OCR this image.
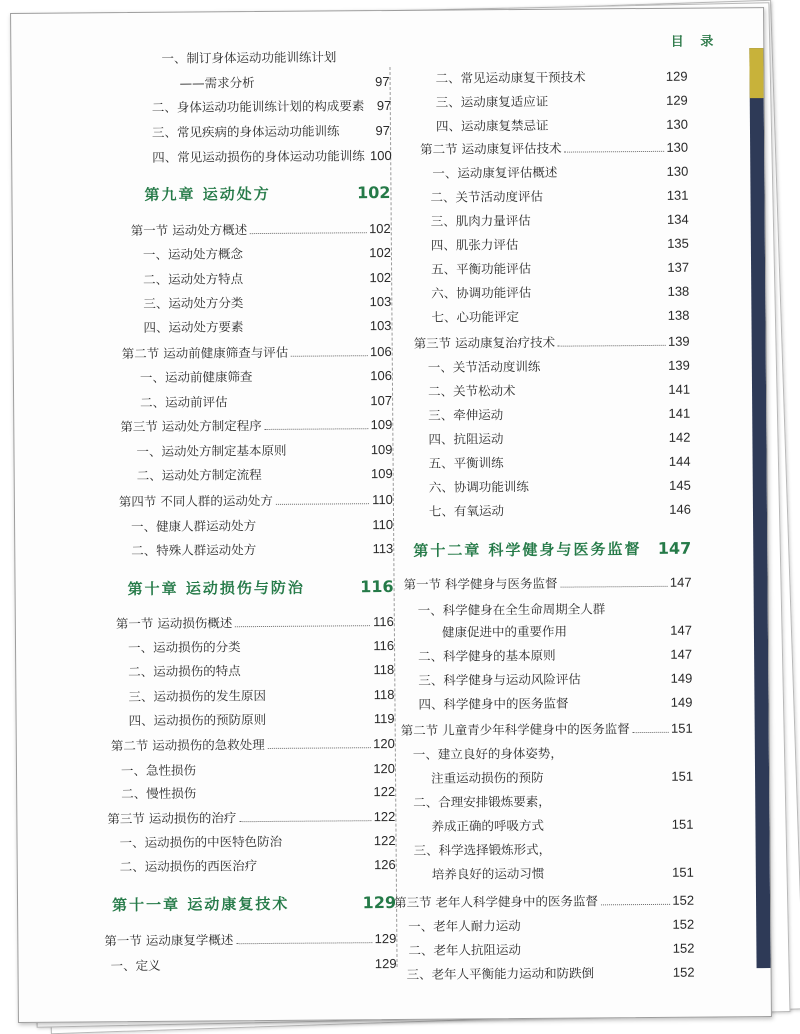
目 录
一、制订身体运动功能训练计划
——需求分析	97
二、身体运动功能训练计划的构成要素 97
三、常见疾病的身体运动功能训练	97
四、常见运动损伤的身体运动功能训练 100
第九章 运动处方	102
第一节 运动处方概述	102
一、运动处方概念	102
二、运动处方特点	102
三、运动处方分类	103
四、运动处方要素	103
第二节 运动前健康筛查与评估	106
一、运动前健康筛查	106
二、运动前评估	107
第三节 运动处方制定程序	109
一、运动处方制定基本原则	109
二、运动处方制定流程	109
第四节 不同人群的运动处方	110
一、健康人群运动处方	110
二、特殊人群运动处方	113
第十章 运动损伤与防治	116
第一节 运动损伤概述	116
一、运动损伤的分类	116
二、运动损伤的特点	118
三、运动损伤的发生原因	118
四、运动损伤的预防原则	119
第二节 运动损伤的急救处理	120
一、急性损伤	120
二、慢性损伤	122
第三节 运动损伤的治疗	122
一、运动损伤的中医特色防治	122
二、运动损伤的西医治疗	126
第十一章 运动康复技术	129
第一节 运动康复学概述	129
一、定义	129
二、常见运动康复干预技术	129
三、运动康复适应证	129
四、运动康复禁忌证	130
第二节 运动康复评估技术	130
一、运动康复评估概述	130
二、关节活动度评估	131
三、肌肉力量评估	134
四、肌张力评估	135
五、平衡功能评估	137
六、协调功能评估	138
七、心功能评定	138
第三节 运动康复治疗技术	139
一、关节活动度训练	139
二、关节松动术	141
三、牵伸运动	141
四、抗阻运动	142
五、平衡训练	144
六、协调功能训练	145
七、有氧运动	146
第十二章 科学健身与医务监督 147
第一节 科学健身与医务监督	147
一、科学健身在全生命周期全人群
健康促进中的重要作用	147
二、科学健身的基本原则	147
三、科学健身与运动风险评估	149
四、科学健身中的医务监督	149
第二节 儿童青少年科学健身中的医务监督	151
一、建立良好的身体姿势，
注重运动损伤的预防	151
二、合理安排锻炼要素，
养成正确的呼吸方式	151
三、科学选择锻炼形式，
培养良好的运动习惯	151
第三节 老年人科学健身中的医务监督	152
一、老年人耐力运动	152
二、老年人抗阻运动	152
三、老年人平衡能力运动和防跌倒	152
